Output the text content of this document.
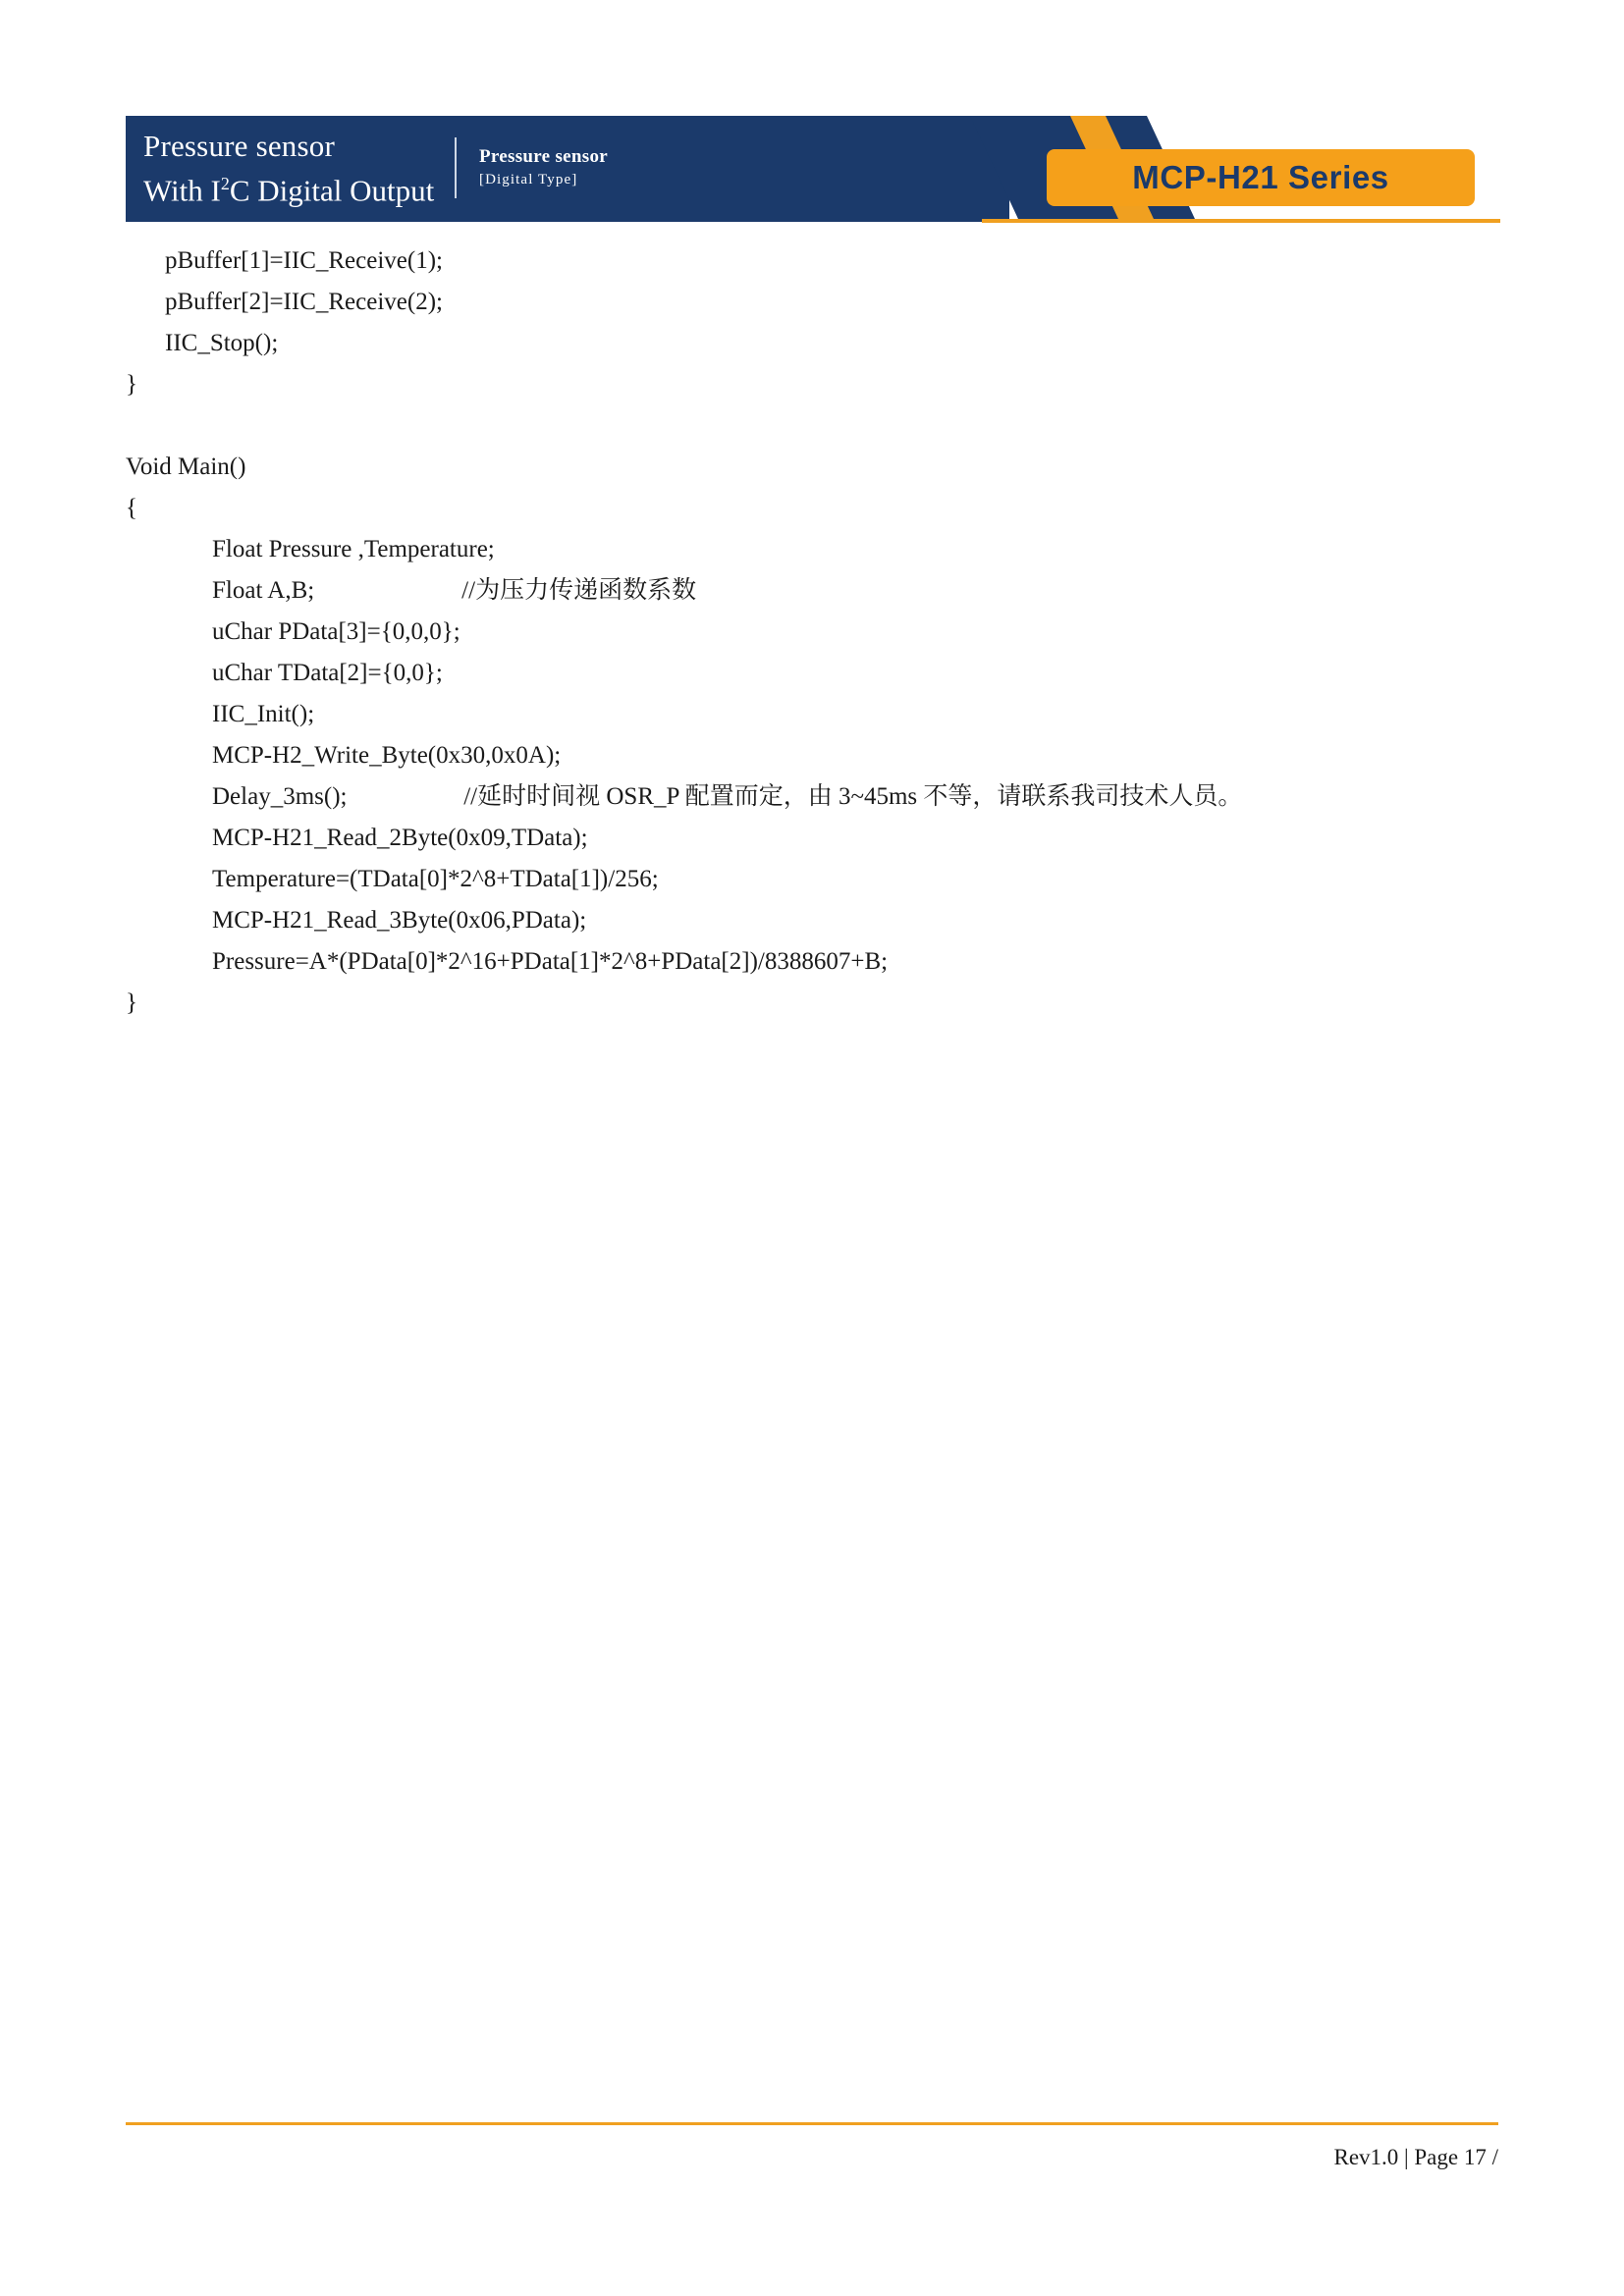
Pressure sensor
With $I^2C$ Digital Output
Pressure sensor
[Digital Type]	MCP-H21 Series
pBuffer[1]=IIC_Receive(1);
pBuffer[2]=IIC_Receive(2);
IIC_Stop();
}
Void Main()
{
Float Pressure ,Temperature;
Float A,B;                        //为压力传递函数系数
uChar PData[3]={0,0,0};
uChar TData[2]={0,0};
IIC_Init();
MCP-H2_Write_Byte(0x30,0x0A);
Delay_3ms();                   //延时时间视 OSR_P 配置而定，由 3~45ms 不等，请联系我司技术人员。
MCP-H21_Read_2Byte(0x09,TData);
Temperature=(TData[0]*2^8+TData[1])/256;
MCP-H21_Read_3Byte(0x06,PData);
Pressure=A*(PData[0]*2^16+PData[1]*2^8+PData[2])/8388607+B;
}
Rev1.0 | Page 17 /
